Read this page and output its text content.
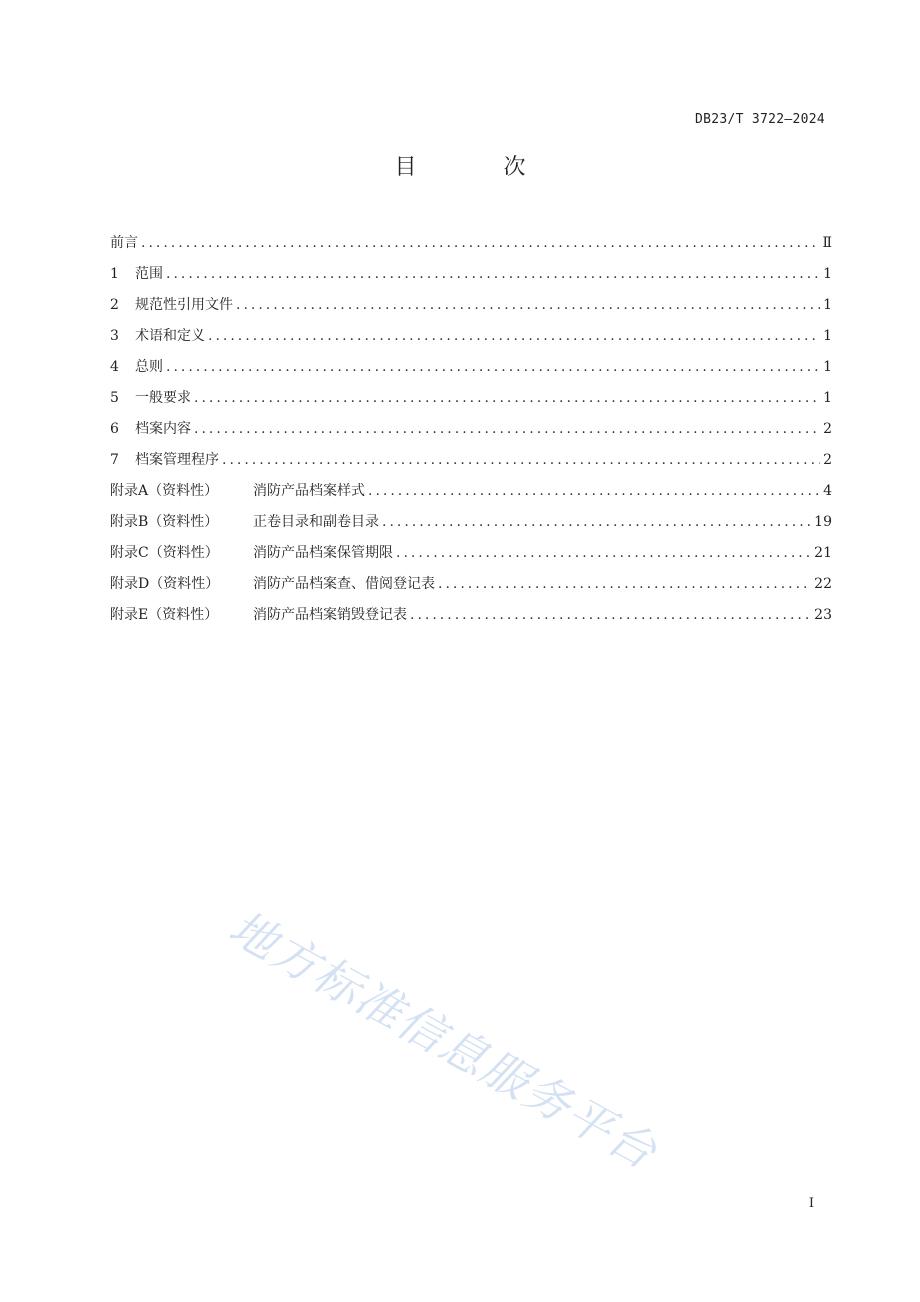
DB23/T 3722—2024
目 次
前言 .....	Ⅱ
1	范围 .....	1
2	规范性引用文件 .....	1
3	术语和定义 .....	1
4	总则 .....	1
5	一般要求 .....	1
6	档案内容 .....	2
7	档案管理程序 .....	2
附录A（资料性）	消防产品档案样式 .....	4
附录B（资料性）	正卷目录和副卷目录 .....	19
附录C（资料性）	消防产品档案保管期限 .....	21
附录D（资料性）	消防产品档案查、借阅登记表 .....	22
附录E（资料性）	消防产品档案销毁登记表 .....	23
地方标准信息服务平台
I
